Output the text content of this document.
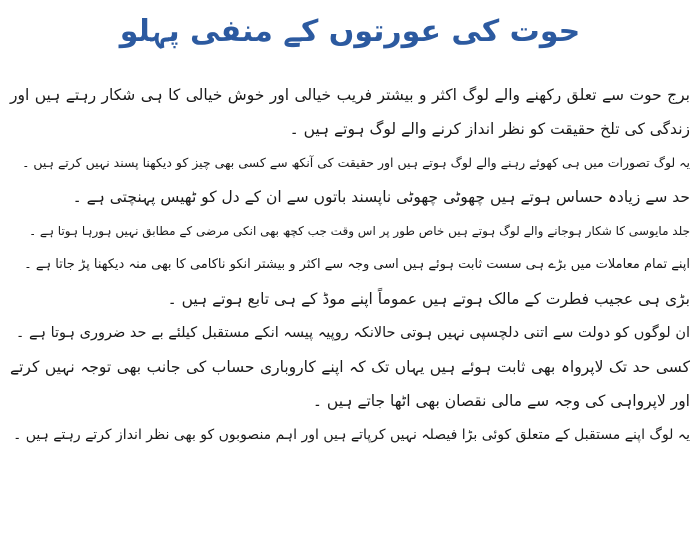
حوت کی عورتوں کے منفی پہلو

برج حوت سے تعلق رکھنے والے لوگ اکثر و بیشتر فریب خیالی اور خوش خیالی کا ہی شکار رہتے ہیں اور زندگی کی تلخ حقیقت کو نظر انداز کرنے والے لوگ ہوتے ہیں ۔

یہ لوگ تصورات میں ہی کھوئے رہنے والے لوگ ہوتے ہیں اور حقیقت کی آنکھ سے کسی بھی چیز کو دیکھنا پسند نہیں کرتے ہیں ۔

حد سے زیادہ حساس ہوتے ہیں چھوٹی چھوٹی ناپسند باتوں سے ان کے دل کو ٹھیس پہنچتی ہے ۔

جلد مایوسی کا شکار ہوجانے والے لوگ ہوتے ہیں خاص طور پر اس وقت جب کچھ بھی انکی مرضی کے مطابق نہیں ہورہا ہوتا ہے ۔

اپنے تمام معاملات میں بڑے ہی سست ثابت ہوئے ہیں اسی وجہ سے اکثر و بیشتر انکو ناکامی کا بھی منہ دیکھنا پڑ جاتا ہے ۔

بڑی ہی عجیب فطرت کے مالک ہوتے ہیں عموماً اپنے موڈ کے ہی تابع ہوتے ہیں ۔

ان لوگوں کو دولت سے اتنی دلچسپی نہیں ہوتی حالانکہ روپیہ پیسہ انکے مستقبل کیلئے بے حد ضروری ہوتا ہے ۔

کسی حد تک لاپرواہ بھی ثابت ہوئے ہیں یہاں تک کہ اپنے کاروباری حساب کی جانب بھی توجہ نہیں کرتے اور لاپرواہی کی وجہ سے مالی نقصان بھی اٹھا جاتے ہیں ۔

یہ لوگ اپنے مستقبل کے متعلق کوئی بڑا فیصلہ نہیں کرپاتے ہیں اور اہم منصوبوں کو بھی نظر انداز کرتے رہتے ہیں ۔
